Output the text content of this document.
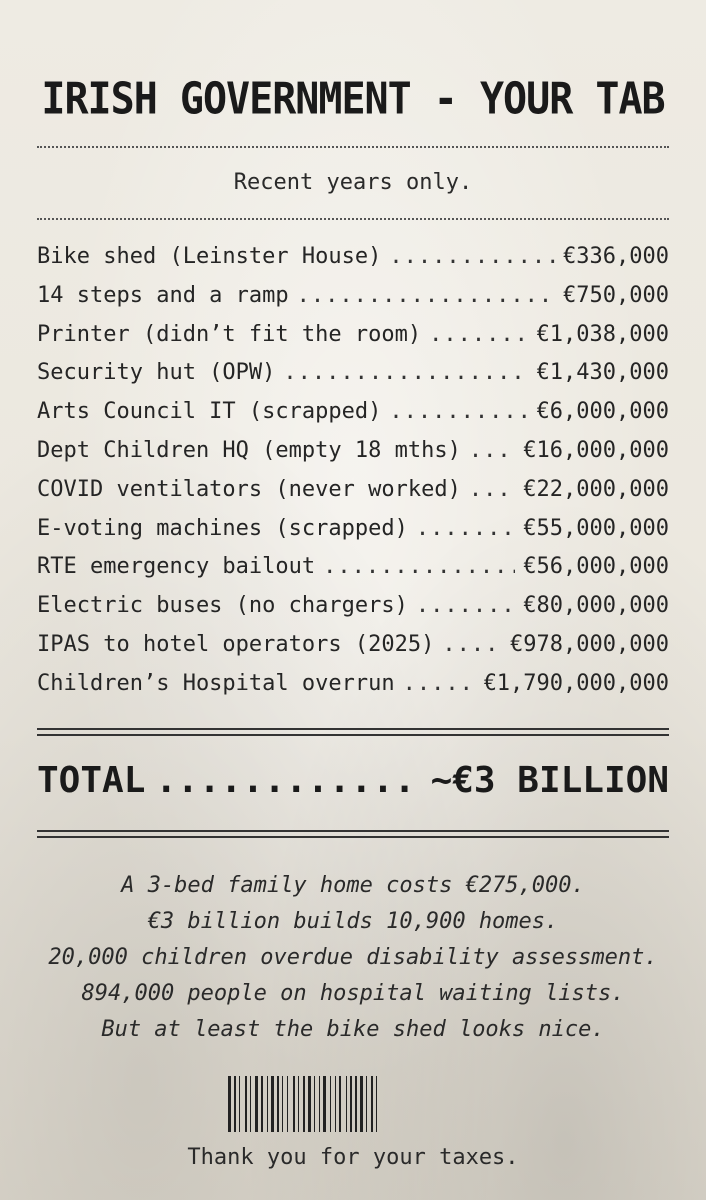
IRISH GOVERNMENT - YOUR TAB
Recent years only.
Bike shed (Leinster House) .....	€336,000
14 steps and a ramp .....	€750,000
Printer (didn’t fit the room) .....	€1,038,000
Security hut (OPW) .....	€1,430,000
Arts Council IT (scrapped) .....	€6,000,000
Dept Children HQ (empty 18 mths) .....	€16,000,000
COVID ventilators (never worked) .....	€22,000,000
E-voting machines (scrapped) .....	€55,000,000
RTE emergency bailout .....	€56,000,000
Electric buses (no chargers) .....	€80,000,000
IPAS to hotel operators (2025) .....	€978,000,000
Children’s Hospital overrun .....	€1,790,000,000
TOTAL .....	~€3 BILLION
A 3-bed family home costs €275,000.
€3 billion builds 10,900 homes.
20,000 children overdue disability assessment.
894,000 people on hospital waiting lists.
But at least the bike shed looks nice.
Thank you for your taxes.
